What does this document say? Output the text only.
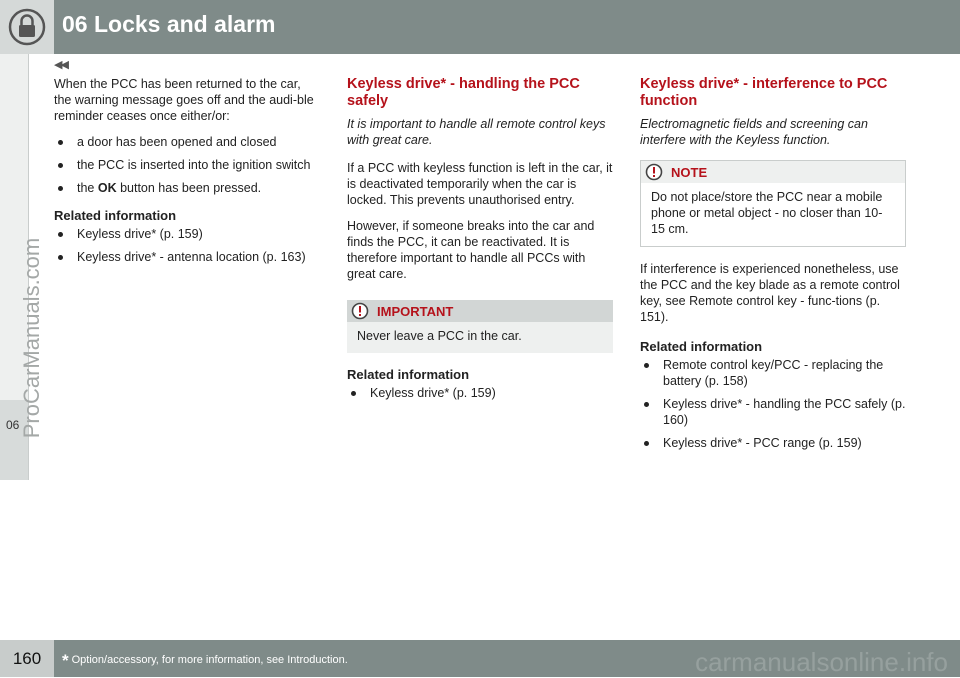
06 Locks and alarm
06 ProCarManuals.com
◀◀

When the PCC has been returned to the car, the warning message goes off and the audi-ble reminder ceases once either/or:

a door has been opened and closed
the PCC is inserted into the ignition switch
the OK button has been pressed.
Related information
Keyless drive* (p. 159)
Keyless drive* - antenna location (p. 163)
Keyless drive* - handling the PCC safely

It is important to handle all remote control keys with great care.

If a PCC with keyless function is left in the car, it is deactivated temporarily when the car is locked. This prevents unauthorised entry.

However, if someone breaks into the car and finds the PCC, it can be reactivated. It is therefore important to handle all PCCs with great care.

IMPORTANT
Never leave a PCC in the car.
Related information
Keyless drive* (p. 159)
Keyless drive* - interference to PCC function

Electromagnetic fields and screening can interfere with the Keyless function.

NOTE
Do not place/store the PCC near a mobile phone or metal object - no closer than 10-15 cm.

If interference is experienced nonetheless, use the PCC and the key blade as a remote control key, see Remote control key - func-tions (p. 151).

Related information
Remote control key/PCC - replacing the battery (p. 158)
Keyless drive* - handling the PCC safely (p. 160)
Keyless drive* - PCC range (p. 159)
160	* Option/accessory, for more information, see Introduction.	carmanualsonline.info
